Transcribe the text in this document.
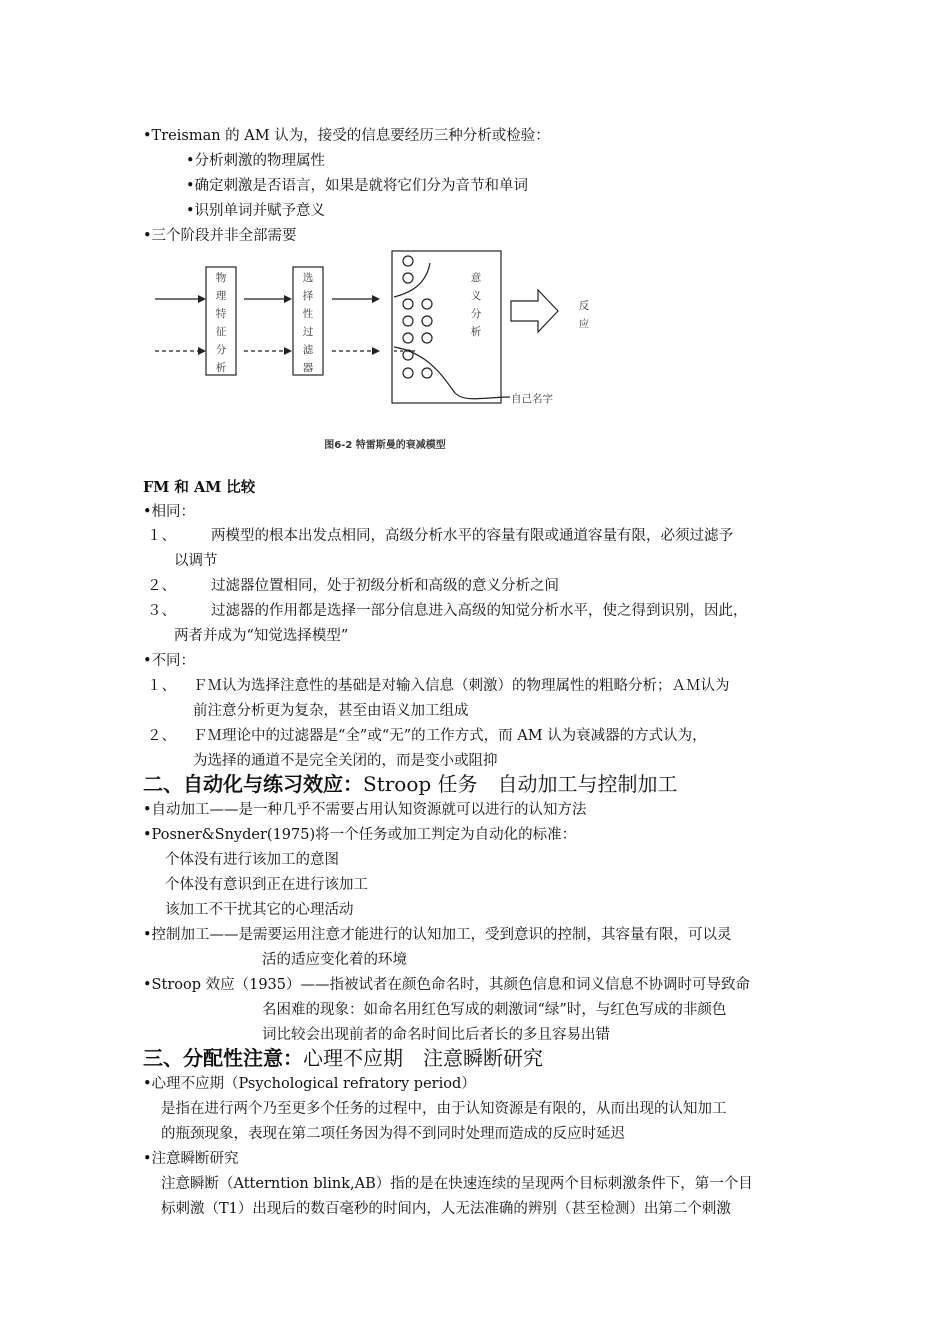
•Treisman 的 AM 认为，接受的信息要经历三种分析或检验：
•分析刺激的物理属性
•确定刺激是否语言，如果是就将它们分为音节和单词
•识别单词并赋予意义
•三个阶段并非全部需要
物
理
特
征
分
析
选
择
性
过
滤
器
意
义
分
析
反
应
自己名字
图6-2 特雷斯曼的衰减模型
FM 和 AM 比较
•相同：
１、 两模型的根本出发点相同，高级分析水平的容量有限或通道容量有限，必须过滤予
以调节
２、 过滤器位置相同，处于初级分析和高级的意义分析之间
３、 过滤器的作用都是选择一部分信息进入高级的知觉分析水平，使之得到识别，因此，
两者并成为“知觉选择模型”
•不同：
１、 ＦＭ认为选择注意性的基础是对输入信息（刺激）的物理属性的粗略分析；ＡＭ认为
前注意分析更为复杂，甚至由语义加工组成
２、 ＦＭ理论中的过滤器是“全”或“无”的工作方式，而 AM 认为衰减器的方式认为，
为选择的通道不是完全关闭的，而是变小或阻抑
二、自动化与练习效应：Stroop 任务　自动加工与控制加工
•自动加工——是一种几乎不需要占用认知资源就可以进行的认知方法
•Posner&Snyder(1975)将一个任务或加工判定为自动化的标准：
个体没有进行该加工的意图
个体没有意识到正在进行该加工
该加工不干扰其它的心理活动
•控制加工——是需要运用注意才能进行的认知加工，受到意识的控制，其容量有限，可以灵
活的适应变化着的环境
•Stroop 效应（1935）——指被试者在颜色命名时，其颜色信息和词义信息不协调时可导致命
名困难的现象：如命名用红色写成的刺激词“绿”时，与红色写成的非颜色
词比较会出现前者的命名时间比后者长的多且容易出错
三、分配性注意：心理不应期　注意瞬断研究
•心理不应期（Psychological refratory period）
是指在进行两个乃至更多个任务的过程中，由于认知资源是有限的，从而出现的认知加工
的瓶颈现象，表现在第二项任务因为得不到同时处理而造成的反应时延迟
•注意瞬断研究
注意瞬断（Atterntion blink,AB）指的是在快速连续的呈现两个目标刺激条件下，第一个目
标刺激（T1）出现后的数百毫秒的时间内，人无法准确的辨别（甚至检测）出第二个刺激
